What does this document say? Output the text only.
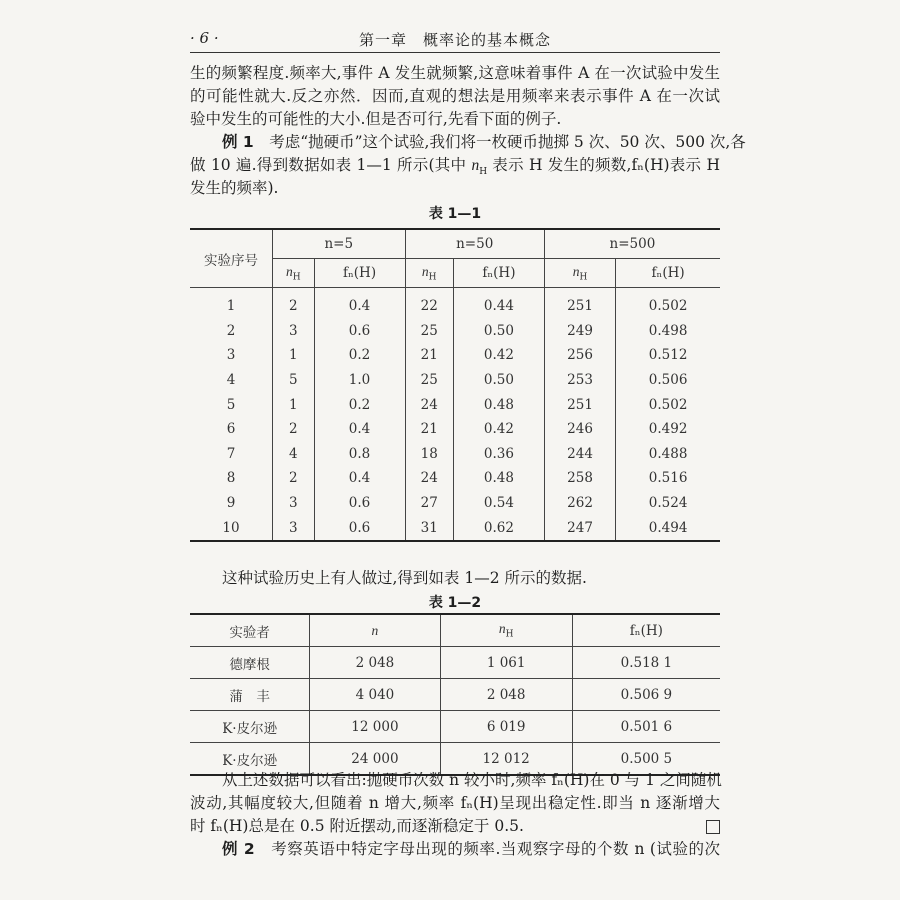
· 6 ·	第一章　概率论的基本概念
生的频繁程度.频率大,事件 A 发生就频繁,这意味着事件 A 在一次试验中发生
的可能性就大.反之亦然．因而,直观的想法是用频率来表示事件 A 在一次试
验中发生的可能性的大小.但是否可行,先看下面的例子.
例 1　 考虑“抛硬币”这个试验,我们将一枚硬币抛掷 5 次、50 次、500 次,各
做 10 遍.得到数据如表 1—1 所示(其中 $n_H$ 表示 H 发生的频数,fₙ(H)表示 H
发生的频率).
表 1—1
实验序号	n=5		n=50		n=500	
	$n_H$	fₙ(H)	$n_H$	fₙ(H)	$n_H$	fₙ(H)
1	2	0.4	22	0.44	251	0.502
2	3	0.6	25	0.50	249	0.498
3	1	0.2	21	0.42	256	0.512
4	5	1.0	25	0.50	253	0.506
5	1	0.2	24	0.48	251	0.502
6	2	0.4	21	0.42	246	0.492
7	4	0.8	18	0.36	244	0.488
8	2	0.4	24	0.48	258	0.516
9	3	0.6	27	0.54	262	0.524
10	3	0.6	31	0.62	247	0.494
这种试验历史上有人做过,得到如表 1—2 所示的数据.
表 1—2
实验者	n	$n_H$	fₙ(H)
德摩根	2 048	1 061	0.518 1
蒲　丰	4 040	2 048	0.506 9
K·皮尔逊	12 000	6 019	0.501 6
K·皮尔逊	24 000	12 012	0.500 5
从上述数据可以看出:抛硬币次数 n 较小时,频率 fₙ(H)在 0 与 1 之间随机
波动,其幅度较大,但随着 n 增大,频率 fₙ(H)呈现出稳定性.即当 n 逐渐增大
时 fₙ(H)总是在 0.5 附近摆动,而逐渐稳定于 0.5.
例 2　 考察英语中特定字母出现的频率.当观察字母的个数 n (试验的次
